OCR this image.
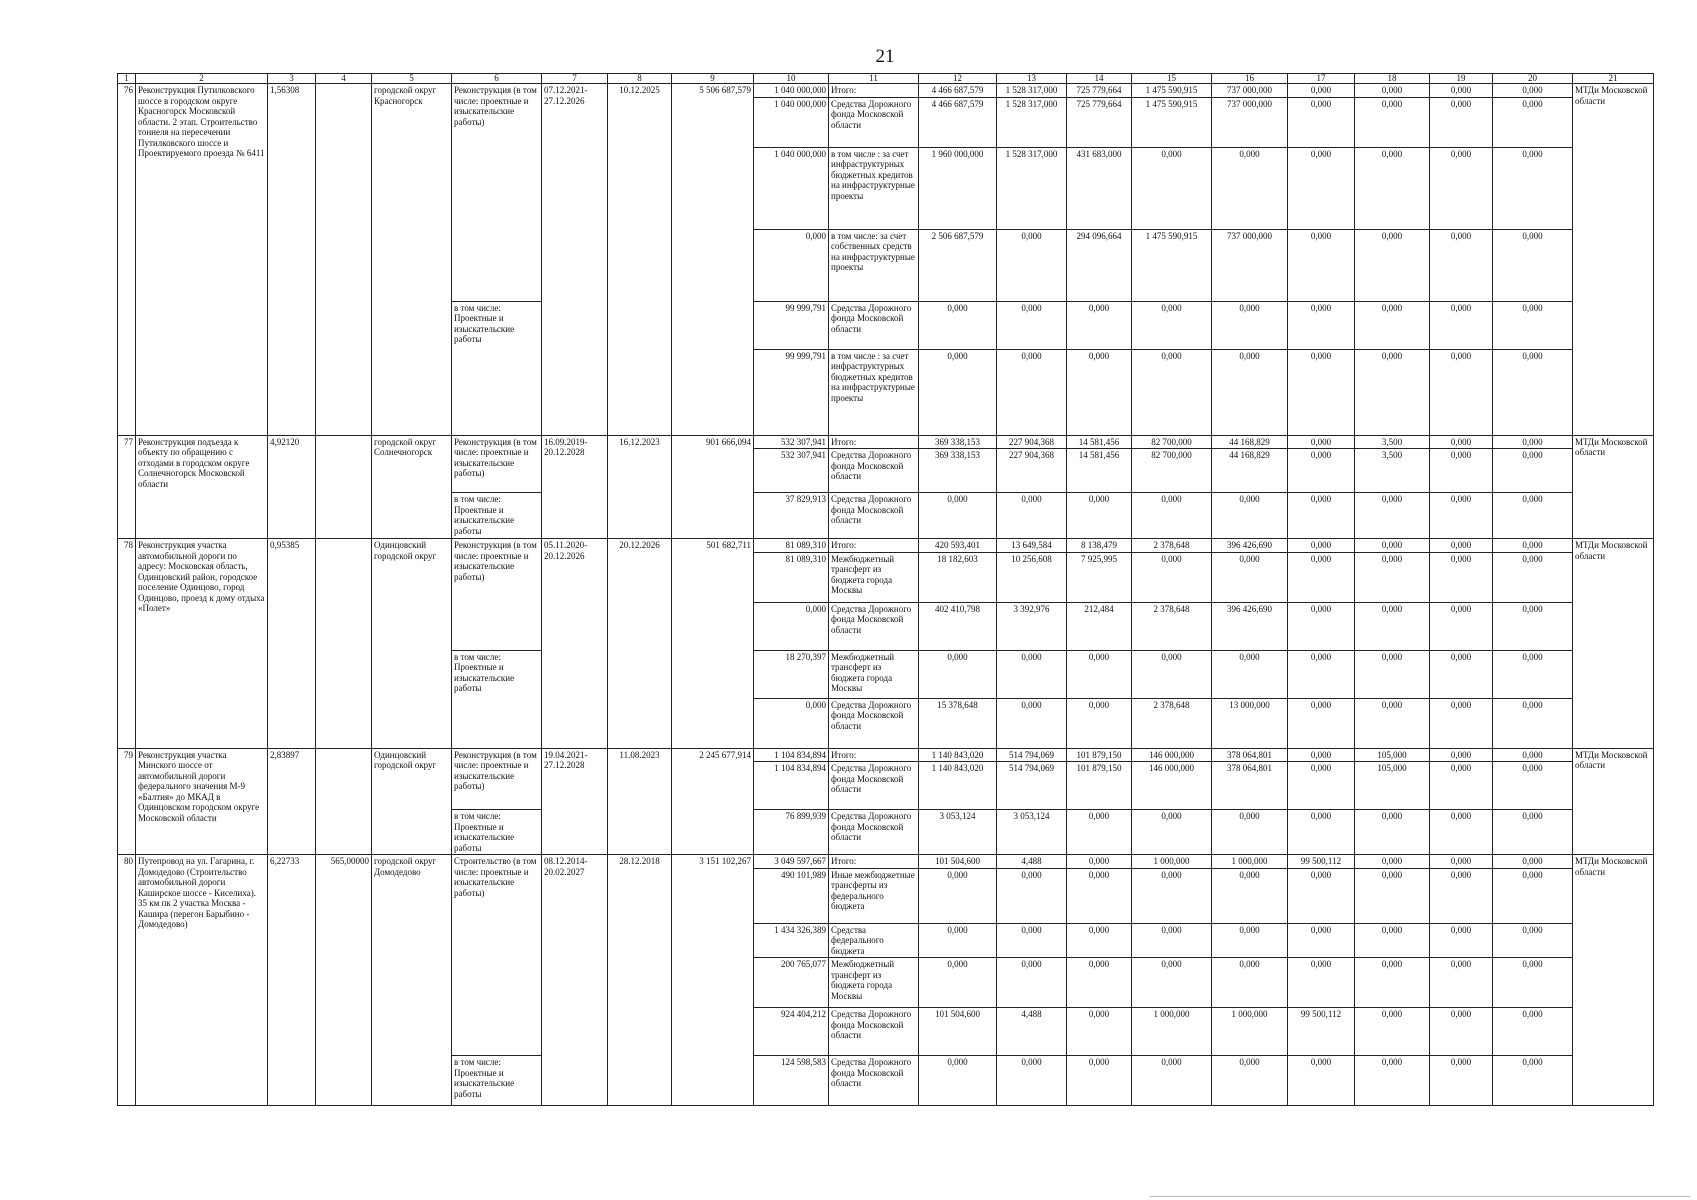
21
1	2	3	4	5	6	7	8	9	10	11	12	13	14	15	16	17	18	19	20	21
76	Реконструкция Путилковского шоссе в городском округе Красногорск Московской области. 2 этап. Строительство тоннеля на пересечении Путилковского шоссе и Проектируемого проезда № 6411	1,56308		городской округ Красногорск	Реконструкция (в том числе: проектные и изыскательские работы)	07.12.2021-27.12.2026	10.12.2025	5 506 687,579	1 040 000,000	Итого:	4 466 687,579	1 528 317,000	725 779,664	1 475 590,915	737 000,000	0,000	0,000	0,000	0,000	МТДи Московской области
									1 040 000,000	Средства Дорожного фонда Московской области	4 466 687,579	1 528 317,000	725 779,664	1 475 590,915	737 000,000	0,000	0,000	0,000	0,000	
									1 040 000,000	в том числе : за счет инфраструктурных бюджетных кредитов на инфраструктурные проекты	1 960 000,000	1 528 317,000	431 683,000	0,000	0,000	0,000	0,000	0,000	0,000	
									0,000	в том числе: за счет собственных средств на инфраструктурные проекты	2 506 687,579	0,000	294 096,664	1 475 590,915	737 000,000	0,000	0,000	0,000	0,000	
					в том числе: Проектные и изыскательские работы				99 999,791	Средства Дорожного фонда Московской области	0,000	0,000	0,000	0,000	0,000	0,000	0,000	0,000	0,000	
									99 999,791	в том числе : за счет инфраструктурных бюджетных кредитов на инфраструктурные проекты	0,000	0,000	0,000	0,000	0,000	0,000	0,000	0,000	0,000	
77	Реконструкция подъезда к объекту по обращению с отходами в городском округе Солнечногорск Московской области	4,92120		городской округ Солнечногорск	Реконструкция (в том числе: проектные и изыскательские работы)	16.09.2019-20.12.2028	16.12.2023	901 666,094	532 307,941	Итого:	369 338,153	227 904,368	14 581,456	82 700,000	44 168,829	0,000	3,500	0,000	0,000	МТДи Московской области
									532 307,941	Средства Дорожного фонда Московской области	369 338,153	227 904,368	14 581,456	82 700,000	44 168,829	0,000	3,500	0,000	0,000	
					в том числе: Проектные и изыскательские работы				37 829,913	Средства Дорожного фонда Московской области	0,000	0,000	0,000	0,000	0,000	0,000	0,000	0,000	0,000	
78	Реконструкция участка автомобильной дороги по адресу: Московская область, Одинцовский район, городское поселение Одинцово, город Одинцово, проезд к дому отдыха «Полет»	0,95385		Одинцовский городской округ	Реконструкция (в том числе: проектные и изыскательские работы)	05.11.2020-20.12.2026	20.12.2026	501 682,711	81 089,310	Итого:	420 593,401	13 649,584	8 138,479	2 378,648	396 426,690	0,000	0,000	0,000	0,000	МТДи Московской области
									81 089,310	Межбюджетный трансферт из бюджета города Москвы	18 182,603	10 256,608	7 925,995	0,000	0,000	0,000	0,000	0,000	0,000	
									0,000	Средства Дорожного фонда Московской области	402 410,798	3 392,976	212,484	2 378,648	396 426,690	0,000	0,000	0,000	0,000	
					в том числе: Проектные и изыскательские работы				18 270,397	Межбюджетный трансферт из бюджета города Москвы	0,000	0,000	0,000	0,000	0,000	0,000	0,000	0,000	0,000	
									0,000	Средства Дорожного фонда Московской области	15 378,648	0,000	0,000	2 378,648	13 000,000	0,000	0,000	0,000	0,000	
79	Реконструкция участка Минского шоссе от автомобильной дороги федерального значения М-9 «Балтия» до МКАД в Одинцовском городском округе Московской области	2,83897		Одинцовский городской округ	Реконструкция (в том числе: проектные и изыскательские работы)	19.04.2021-27.12.2028	11.08.2023	2 245 677,914	1 104 834,894	Итого:	1 140 843,020	514 794,069	101 879,150	146 000,000	378 064,801	0,000	105,000	0,000	0,000	МТДи Московской области
									1 104 834,894	Средства Дорожного фонда Московской области	1 140 843,020	514 794,069	101 879,150	146 000,000	378 064,801	0,000	105,000	0,000	0,000	
					в том числе: Проектные и изыскательские работы				76 899,939	Средства Дорожного фонда Московской области	3 053,124	3 053,124	0,000	0,000	0,000	0,000	0,000	0,000	0,000	
80	Путепровод на ул. Гагарина, г. Домодедово (Строительство автомобильной дороги Каширское шоссе - Киселиха). 35 км пк 2 участка Москва - Кашира (перегон Барыбино - Домодедово)	6,22733	565,00000	городской округ Домодедово	Строительство (в том числе: проектные и изыскательские работы)	08.12.2014-20.02.2027	28.12.2018	3 151 102,267	3 049 597,667	Итого:	101 504,600	4,488	0,000	1 000,000	1 000,000	99 500,112	0,000	0,000	0,000	МТДи Московской области
									490 101,989	Иные межбюджетные трансферты из федерального бюджета	0,000	0,000	0,000	0,000	0,000	0,000	0,000	0,000	0,000	
									1 434 326,389	Средства федерального бюджета	0,000	0,000	0,000	0,000	0,000	0,000	0,000	0,000	0,000	
									200 765,077	Межбюджетный трансферт из бюджета города Москвы	0,000	0,000	0,000	0,000	0,000	0,000	0,000	0,000	0,000	
									924 404,212	Средства Дорожного фонда Московской области	101 504,600	4,488	0,000	1 000,000	1 000,000	99 500,112	0,000	0,000	0,000	
					в том числе: Проектные и изыскательские работы				124 598,583	Средства Дорожного фонда Московской области	0,000	0,000	0,000	0,000	0,000	0,000	0,000	0,000	0,000	
